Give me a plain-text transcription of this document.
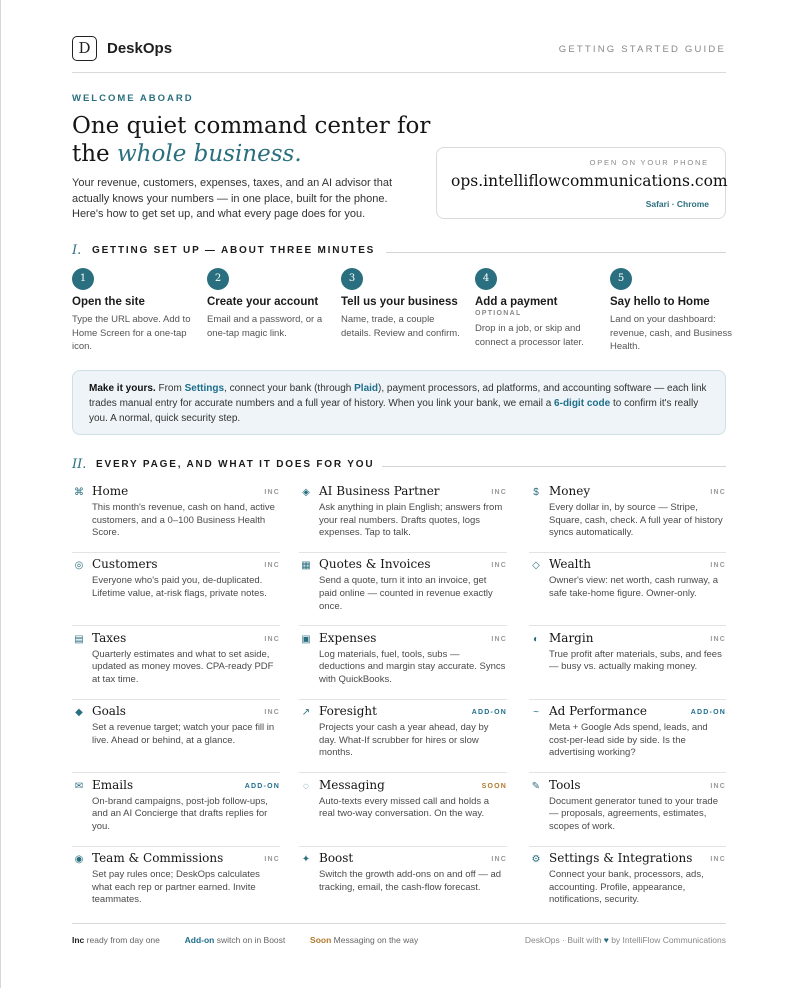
D	DeskOps	GETTING STARTED GUIDE
WELCOME ABOARD
One quiet command center for
the whole business.
Your revenue, customers, expenses, taxes, and an AI advisor that actually knows your numbers — in one place, built for the phone. Here's how to get set up, and what every page does for you.
OPEN ON YOUR PHONE
ops.intelliflowcommunications.com
Safari · Chrome
I. GETTING SET UP — ABOUT THREE MINUTES
1
Open the site
Type the URL above. Add to Home Screen for a one-tap icon.
2
Create your account
Email and a password, or a one-tap magic link.
3
Tell us your business
Name, trade, a couple details. Review and confirm.
4
Add a payment
OPTIONAL
Drop in a job, or skip and connect a processor later.
5
Say hello to Home
Land on your dashboard: revenue, cash, and Business Health.
Make it yours. From Settings, connect your bank (through Plaid), payment processors, ad platforms, and accounting software — each link trades manual entry for accurate numbers and a full year of history. When you link your bank, we email a 6-digit code to confirm it's really you. A normal, quick security step.
II. EVERY PAGE, AND WHAT IT DOES FOR YOU
⌘ Home	INC
This month's revenue, cash on hand, active customers, and a 0–100 Business Health Score.
◈ AI Business Partner	INC
Ask anything in plain English; answers from your real numbers. Drafts quotes, logs expenses. Tap to talk.
$ Money	INC
Every dollar in, by source — Stripe, Square, cash, check. A full year of history syncs automatically.
◎ Customers	INC
Everyone who's paid you, de-duplicated. Lifetime value, at-risk flags, private notes.
▦ Quotes & Invoices	INC
Send a quote, turn it into an invoice, get paid online — counted in revenue exactly once.
◇ Wealth	INC
Owner's view: net worth, cash runway, a safe take-home figure. Owner-only.
▤ Taxes	INC
Quarterly estimates and what to set aside, updated as money moves. CPA-ready PDF at tax time.
▣ Expenses	INC
Log materials, fuel, tools, subs — deductions and margin stay accurate. Syncs with QuickBooks.
◐ Margin	INC
True profit after materials, subs, and fees — busy vs. actually making money.
◆ Goals	INC
Set a revenue target; watch your pace fill in live. Ahead or behind, at a glance.
↗ Foresight	ADD-ON
Projects your cash a year ahead, day by day. What-If scrubber for hires or slow months.
~ Ad Performance	ADD-ON
Meta + Google Ads spend, leads, and cost-per-lead side by side. Is the advertising working?
✉ Emails	ADD-ON
On-brand campaigns, post-job follow-ups, and an AI Concierge that drafts replies for you.
◌ Messaging	SOON
Auto-texts every missed call and holds a real two-way conversation. On the way.
✎ Tools	INC
Document generator tuned to your trade — proposals, agreements, estimates, scopes of work.
◉ Team & Commissions	INC
Set pay rules once; DeskOps calculates what each rep or partner earned. Invite teammates.
✦ Boost	INC
Switch the growth add-ons on and off — ad tracking, email, the cash-flow forecast.
⚙ Settings & Integrations	INC
Connect your bank, processors, ads, accounting. Profile, appearance, notifications, security.
Inc ready from day one	Add-on switch on in Boost	Soon Messaging on the way	DeskOps · Built with ♥ by IntelliFlow Communications
